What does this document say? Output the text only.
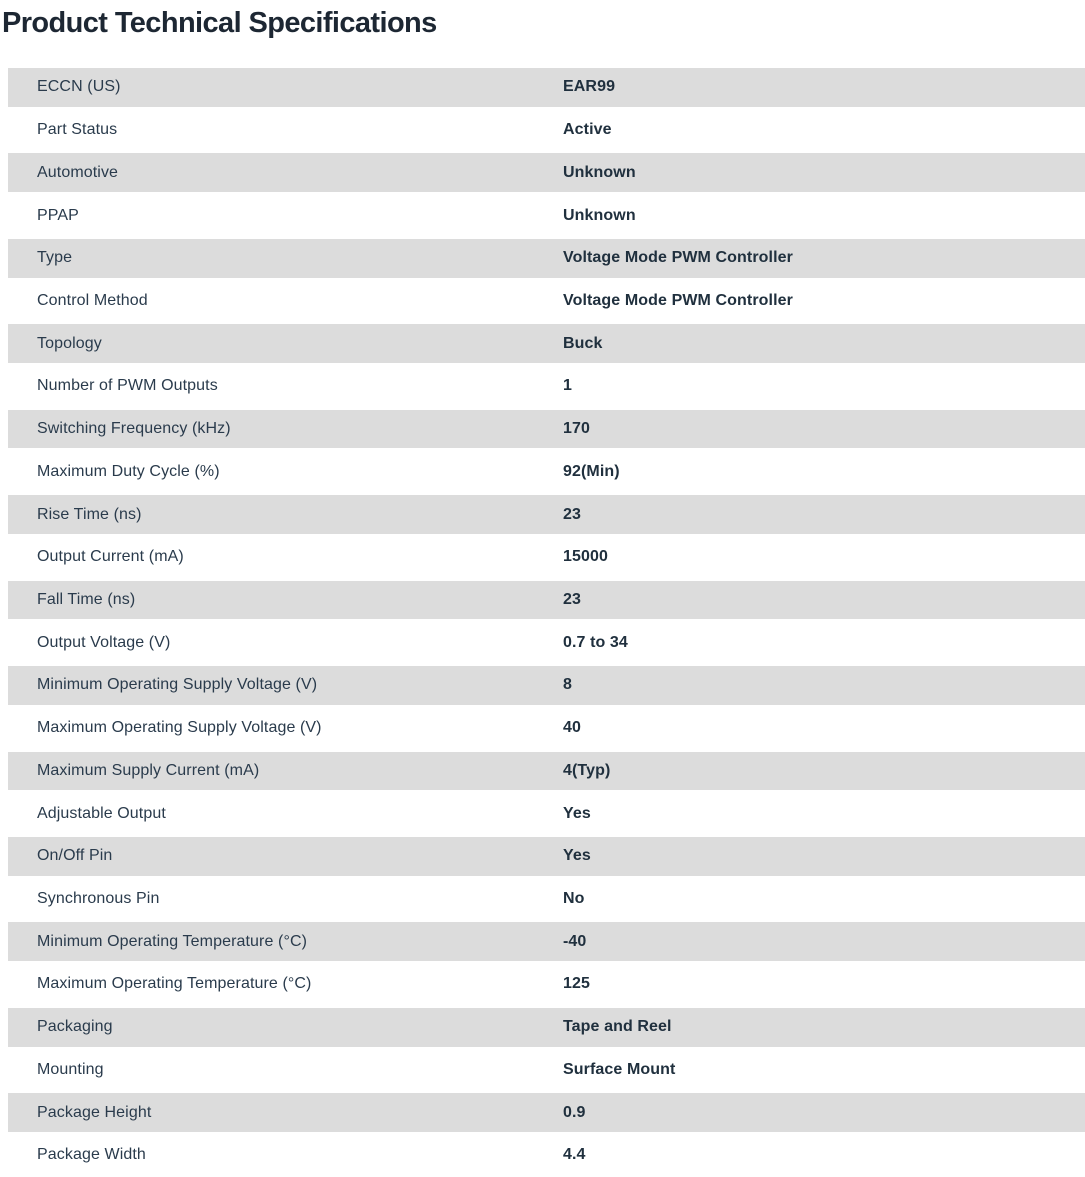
Product Technical Specifications
ECCN (US)	EAR99
Part Status	Active
Automotive	Unknown
PPAP	Unknown
Type	Voltage Mode PWM Controller
Control Method	Voltage Mode PWM Controller
Topology	Buck
Number of PWM Outputs	1
Switching Frequency (kHz)	170
Maximum Duty Cycle (%)	92(Min)
Rise Time (ns)	23
Output Current (mA)	15000
Fall Time (ns)	23
Output Voltage (V)	0.7 to 34
Minimum Operating Supply Voltage (V)	8
Maximum Operating Supply Voltage (V)	40
Maximum Supply Current (mA)	4(Typ)
Adjustable Output	Yes
On/Off Pin	Yes
Synchronous Pin	No
Minimum Operating Temperature (°C)	-40
Maximum Operating Temperature (°C)	125
Packaging	Tape and Reel
Mounting	Surface Mount
Package Height	0.9
Package Width	4.4
